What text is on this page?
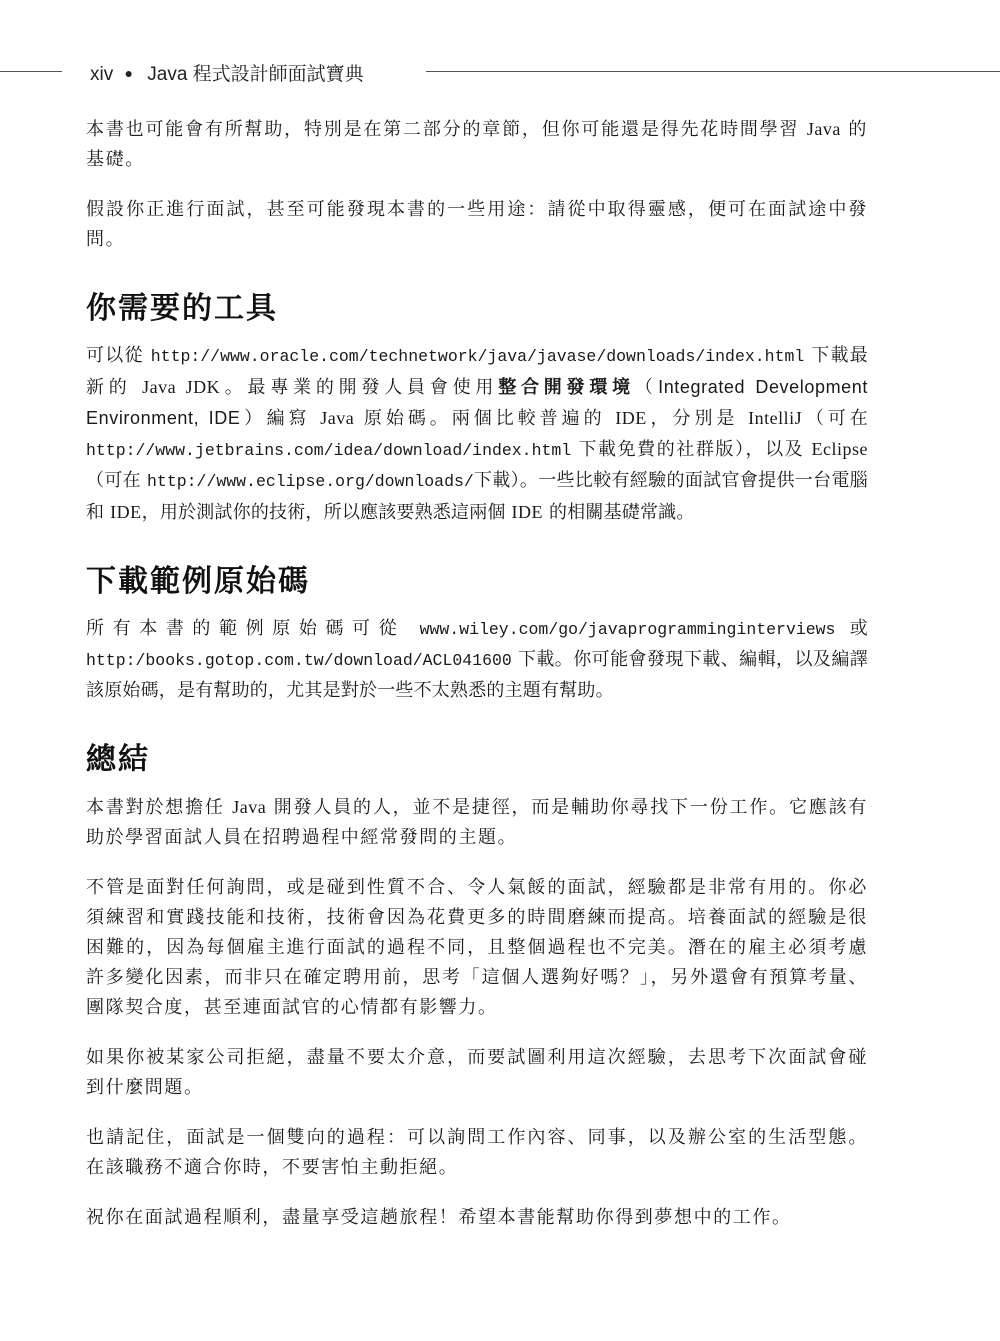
xiv ● Java 程式設計師面試寶典

本書也可能會有所幫助，特別是在第二部分的章節，但你可能還是得先花時間學習 Java 的基礎。

假設你正進行面試，甚至可能發現本書的一些用途：請從中取得靈感，便可在面試途中發問。

你需要的工具

可以從 http://www.oracle.com/technetwork/java/javase/downloads/index.html 下載最新的 Java JDK。最專業的開發人員會使用整合開發環境（Integrated Development Environment, IDE）編寫 Java 原始碼。兩個比較普遍的 IDE，分別是 IntelliJ（可在 http://www.jetbrains.com/idea/download/index.html 下載免費的社群版），以及 Eclipse（可在 http://www.eclipse.org/downloads/下載）。一些比較有經驗的面試官會提供一台電腦和 IDE，用於測試你的技術，所以應該要熟悉這兩個 IDE 的相關基礎常識。

下載範例原始碼

所有本書的範例原始碼可從 www.wiley.com/go/javaprogramminginterviews 或 http:/books.gotop.com.tw/download/ACL041600 下載。你可能會發現下載、編輯，以及編譯該原始碼，是有幫助的，尤其是對於一些不太熟悉的主題有幫助。

總結

本書對於想擔任 Java 開發人員的人，並不是捷徑，而是輔助你尋找下一份工作。它應該有助於學習面試人員在招聘過程中經常發問的主題。

不管是面對任何詢問，或是碰到性質不合、令人氣餒的面試，經驗都是非常有用的。你必須練習和實踐技能和技術，技術會因為花費更多的時間磨練而提高。培養面試的經驗是很困難的，因為每個雇主進行面試的過程不同，且整個過程也不完美。潛在的雇主必須考慮許多變化因素，而非只在確定聘用前，思考「這個人選夠好嗎？」，另外還會有預算考量、團隊契合度，甚至連面試官的心情都有影響力。

如果你被某家公司拒絕，盡量不要太介意，而要試圖利用這次經驗，去思考下次面試會碰到什麼問題。

也請記住，面試是一個雙向的過程：可以詢問工作內容、同事，以及辦公室的生活型態。在該職務不適合你時，不要害怕主動拒絕。

祝你在面試過程順利，盡量享受這趟旅程！希望本書能幫助你得到夢想中的工作。
